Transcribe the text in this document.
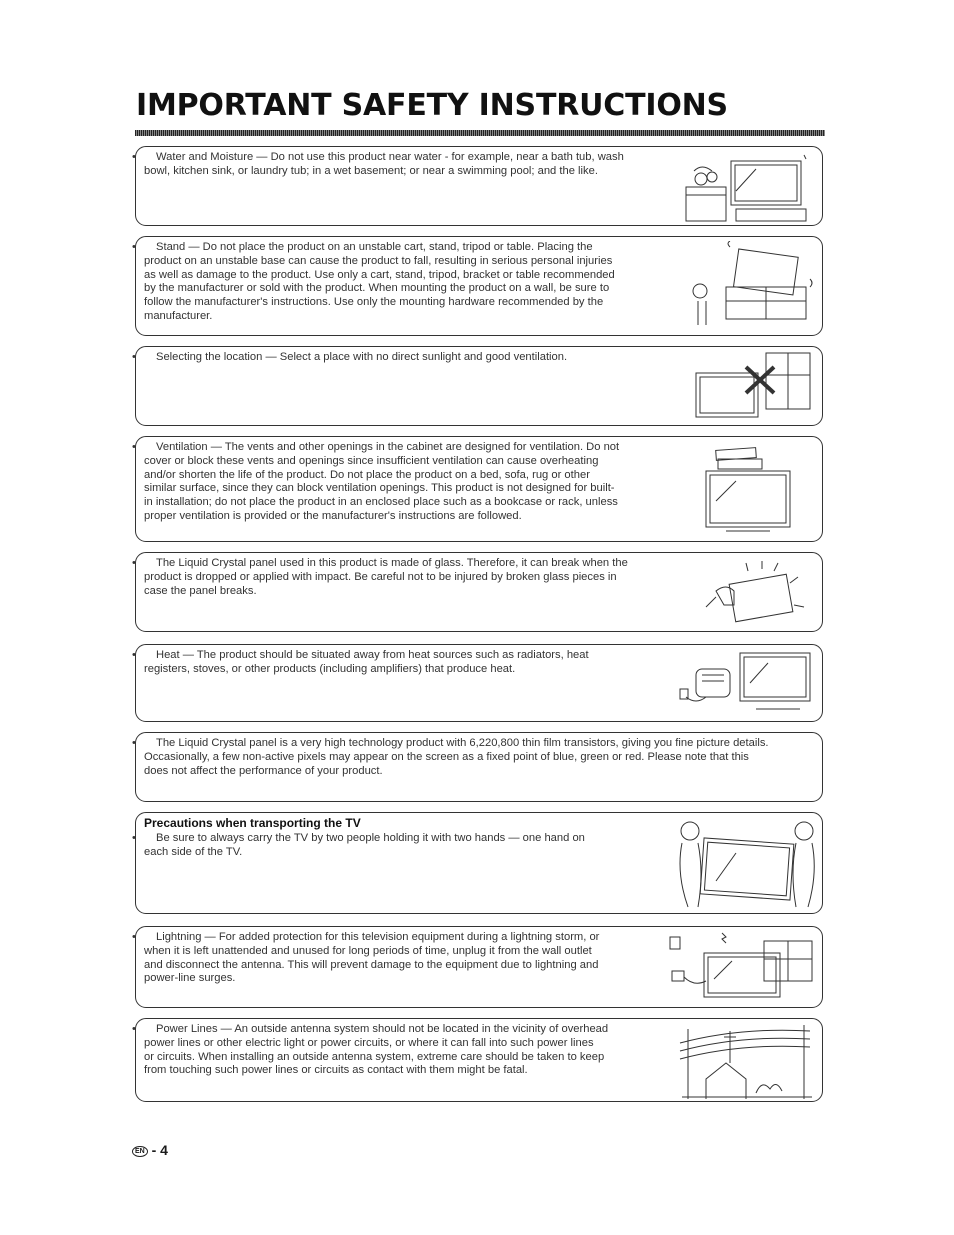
IMPORTANT SAFETY INSTRUCTIONS
• Water and Moisture — Do not use this product near water - for example, near a bath tub, wash
bowl, kitchen sink, or laundry tub; in a wet basement; or near a swimming pool; and the like.
• Stand — Do not place the product on an unstable cart, stand, tripod or table. Placing the
product on an unstable base can cause the product to fall, resulting in serious personal injuries
as well as damage to the product. Use only a cart, stand, tripod, bracket or table recommended
by the manufacturer or sold with the product. When mounting the product on a wall, be sure to
follow the manufacturer's instructions. Use only the mounting hardware recommended by the
manufacturer.
• Selecting the location — Select a place with no direct sunlight and good ventilation.
• Ventilation — The vents and other openings in the cabinet are designed for ventilation. Do not
cover or block these vents and openings since insufficient ventilation can cause overheating
and/or shorten the life of the product. Do not place the product on a bed, sofa, rug or other
similar surface, since they can block ventilation openings. This product is not designed for built-
in installation; do not place the product in an enclosed place such as a bookcase or rack, unless
proper ventilation is provided or the manufacturer's instructions are followed.
• The Liquid Crystal panel used in this product is made of glass. Therefore, it can break when the
product is dropped or applied with impact. Be careful not to be injured by broken glass pieces in
case the panel breaks.
• Heat — The product should be situated away from heat sources such as radiators, heat
registers, stoves, or other products (including amplifiers) that produce heat.
• The Liquid Crystal panel is a very high technology product with 6,220,800 thin film transistors, giving you fine picture details.
Occasionally, a few non-active pixels may appear on the screen as a fixed point of blue, green or red. Please note that this
does not affect the performance of your product.
Precautions when transporting the TV
• Be sure to always carry the TV by two people holding it with two hands — one hand on
each side of the TV.
• Lightning — For added protection for this television equipment during a lightning storm, or
when it is left unattended and unused for long periods of time, unplug it from the wall outlet
and disconnect the antenna. This will prevent damage to the equipment due to lightning and
power-line surges.
• Power Lines — An outside antenna system should not be located in the vicinity of overhead
power lines or other electric light or power circuits, or where it can fall into such power lines
or circuits. When installing an outside antenna system, extreme care should be taken to keep
from touching such power lines or circuits as contact with them might be fatal.
EN - 4
